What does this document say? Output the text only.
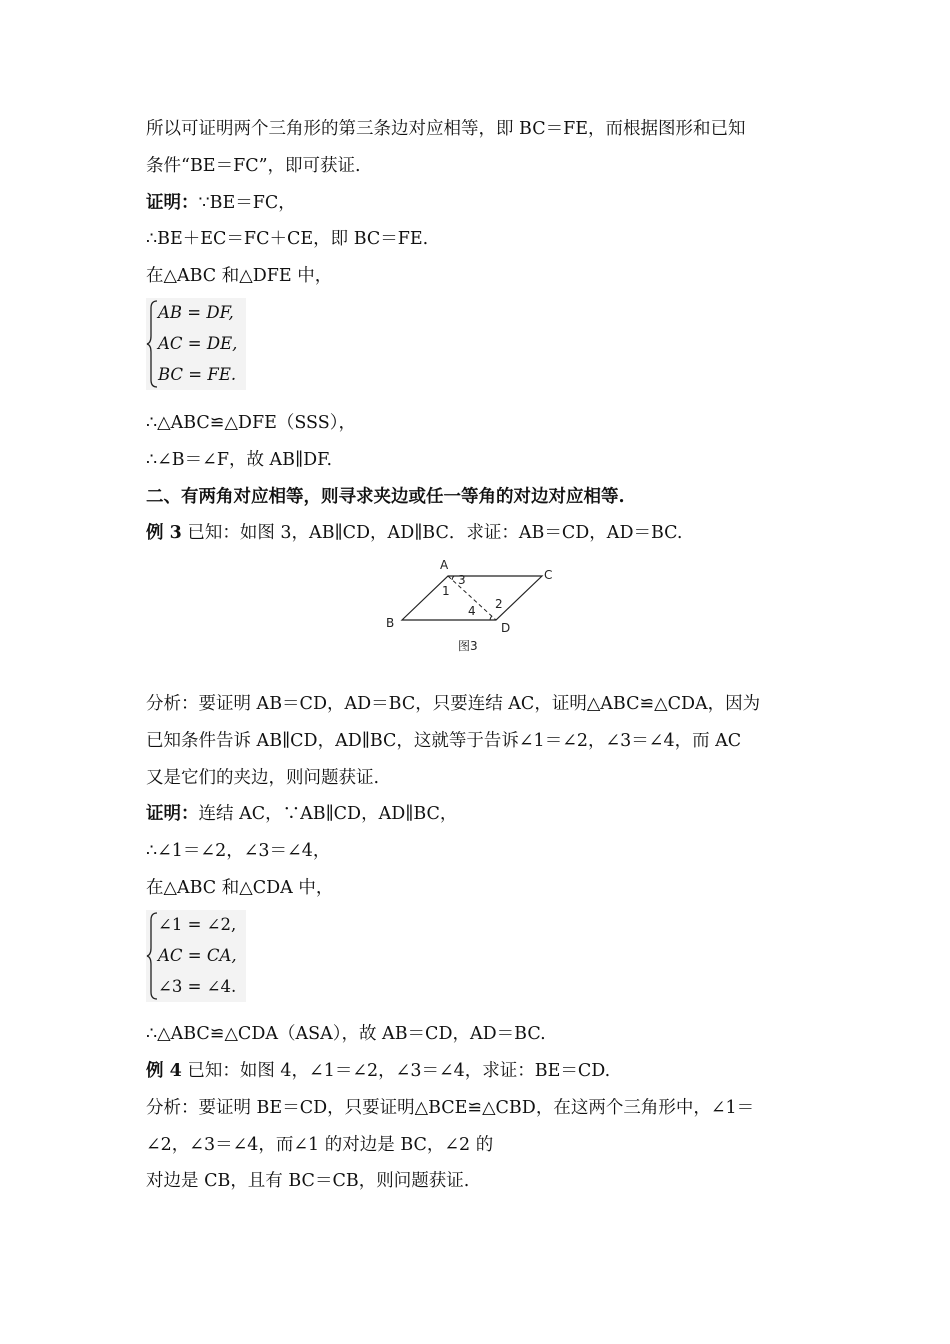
所以可证明两个三角形的第三条边对应相等，即 BC＝FE，而根据图形和已知
条件“BE＝FC”，即可获证.
证明：∵BE＝FC，
∴BE＋EC＝FC＋CE，即 BC＝FE.
在△ABC 和△DFE 中，
AB = DF,
AC = DE,
BC = FE.
∴△ABC≌△DFE（SSS），
∴∠B＝∠F，故 AB∥DF.
二、有两角对应相等，则寻求夹边或任一等角的对边对应相等.
例 3 已知：如图 3，AB∥CD，AD∥BC．求证：AB＝CD，AD＝BC.
A
B
C
D
1
2
3
4
图3
分析：要证明 AB＝CD，AD＝BC，只要连结 AC，证明△ABC≌△CDA，因为
已知条件告诉 AB∥CD，AD∥BC，这就等于告诉∠1＝∠2，∠3＝∠4，而 AC
又是它们的夹边，则问题获证.
证明：连结 AC，∵AB∥CD，AD∥BC，
∴∠1＝∠2，∠3＝∠4，
在△ABC 和△CDA 中，
∠1 = ∠2,
AC = CA,
∠3 = ∠4.
∴△ABC≌△CDA（ASA），故 AB＝CD，AD＝BC.
例 4 已知：如图 4，∠1＝∠2，∠3＝∠4，求证：BE＝CD.
分析：要证明 BE＝CD，只要证明△BCE≌△CBD，在这两个三角形中，∠1＝
∠2，∠3＝∠4，而∠1 的对边是 BC，∠2 的
对边是 CB，且有 BC＝CB，则问题获证.
